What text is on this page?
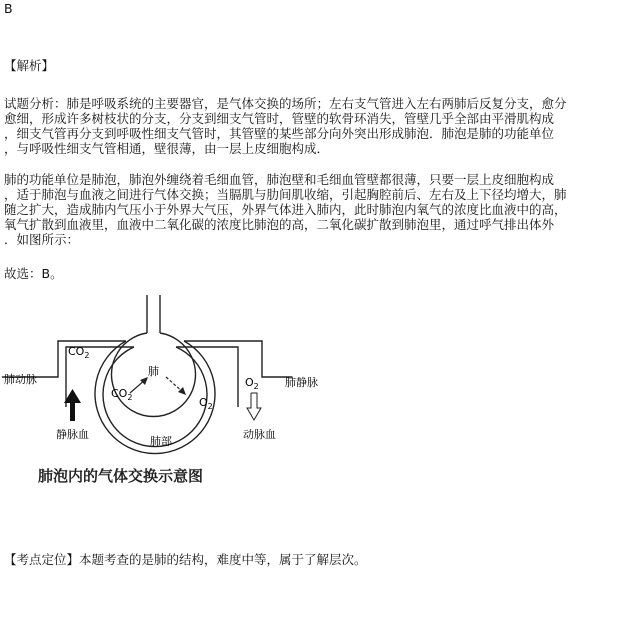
B
【解析】
试题分析：肺是呼吸系统的主要器官，是气体交换的场所；左右支气管进入左右两肺后反复分支，愈分
愈细，形成许多树枝状的分支，分支到细支气管时，管壁的软骨环消失，管壁几乎全部由平滑肌构成
，细支气管再分支到呼吸性细支气管时，其管壁的某些部分向外突出形成肺泡．肺泡是肺的功能单位
，与呼吸性细支气管相通，壁很薄，由一层上皮细胞构成．
肺的功能单位是肺泡，肺泡外缠绕着毛细血管，肺泡壁和毛细血管壁都很薄，只要一层上皮细胞构成
，适于肺泡与血液之间进行气体交换；当膈肌与肋间肌收缩，引起胸腔前后、左右及上下径均增大，肺
随之扩大，造成肺内气压小于外界大气压，外界气体进入肺内，此时肺泡内氧气的浓度比血液中的高，
氧气扩散到血液里，血液中二氧化碳的浓度比肺泡的高，二氧化碳扩散到肺泡里，通过呼气排出体外
．如图所示：
故选：B。
$CO_2$
肺动脉
肺
$CO_2$	$O_2$
$O_2$ 肺静脉
静脉血
肺部
动脉血
肺泡内的气体交换示意图
【考点定位】本题考查的是肺的结构，难度中等，属于了解层次。
